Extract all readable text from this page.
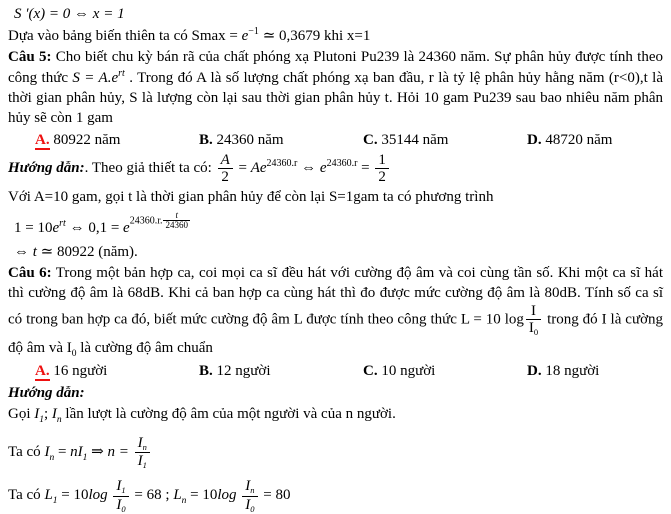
S ′(x) = 0 ⇔ x = 1

Dựa vào bảng biến thiên ta có $Smax = e^{-1}$ ≃ 0,3679 khi x=1

Câu 5: Cho biết chu kỳ bán rã của chất phóng xạ Plutoni Pu239 là 24360 năm. Sự phân hủy được tính theo công thức $S = A.e^{rt}$ . Trong đó A là số lượng chất phóng xạ ban đầu, r là tỷ lệ phân hủy hằng năm (r<0),t là thời gian phân hủy, S là lượng còn lại sau thời gian phân hủy t. Hỏi 10 gam Pu239 sau bao nhiêu năm phân hủy sẽ còn 1 gam

A. 80922 năm	B. 24360 năm	C. 35144 năm	D. 48720 năm

Hướng dẫn:. Theo giả thiết ta có: $\frac{A}{2} = Ae^{24360.r}$ ⇔ $e^{24360.r} = \frac{1}{2}$

Với A=10 gam, gọi t là thời gian phân hủy để còn lại S=1gam ta có phương trình

$1 = 10e^{rt}$ ⇔ 0,1 = e24360.r. $\frac{t}{24360}$

⇔ t ≃ 80922 (năm).

Câu 6: Trong một bản hợp ca, coi mọi ca sĩ đều hát với cường độ âm và coi cùng tần số. Khi một ca sĩ hát thì cường độ âm là 68dB. Khi cả ban hợp ca cùng hát thì đo được mức cường độ âm là 80dB. Tính số ca sĩ có trong ban hợp ca đó, biết mức cường độ âm L được tính theo công thức L = 10 $\log \frac{I}{I_0}$ trong đó I là cường độ âm và $I_0$ là cường độ âm chuẩn

A. 16 người	B. 12 người	C. 10 người	D. 18 người

Hướng dẫn:

Gọi $I_1$; $I_n$ lần lượt là cường độ âm của một người và của n người.

Ta có $I_n = nI_1$ ⇒ $n = \frac{I_n}{I_1}$

Ta có $L_1 = 10\log \frac{I_1}{I_0} = 68$ ; $L_n = 10\log \frac{I_n}{I_0} = 80$
